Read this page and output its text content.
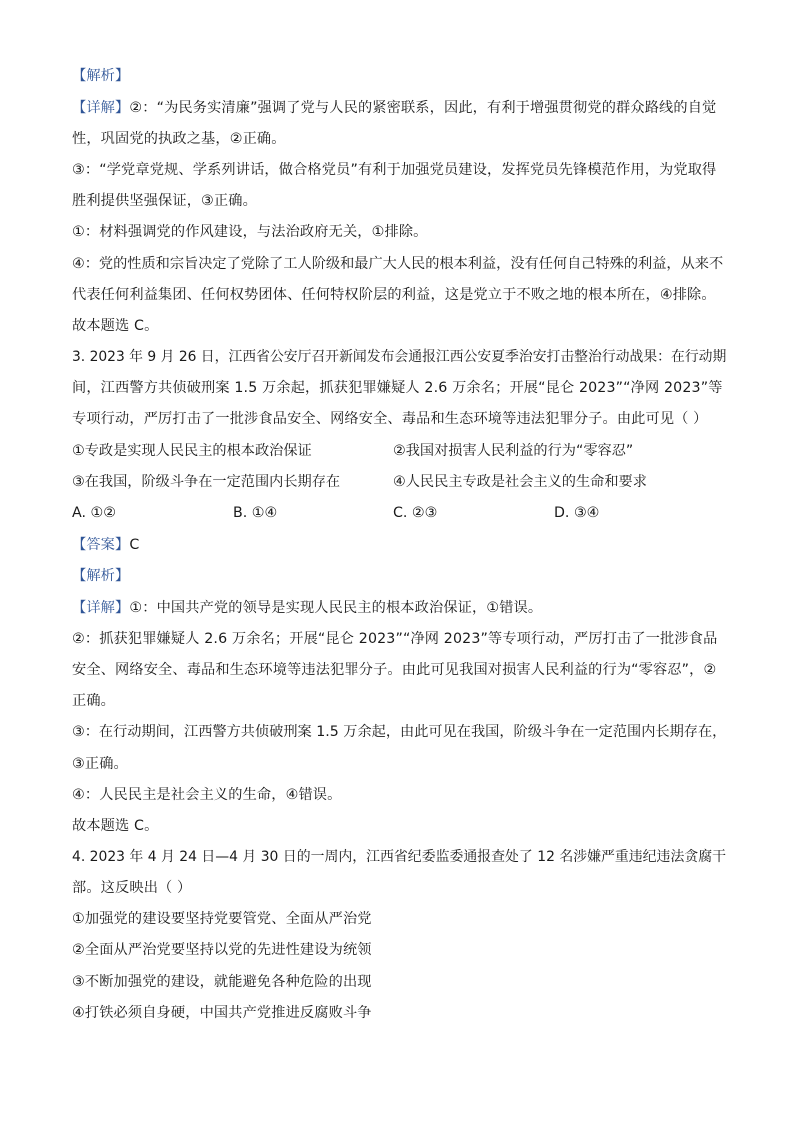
【解析】
【详解】②：“为民务实清廉”强调了党与人民的紧密联系，因此，有利于增强贯彻党的群众路线的自觉
性，巩固党的执政之基，②正确。
③：“学党章党规、学系列讲话，做合格党员”有利于加强党员建设，发挥党员先锋模范作用，为党取得
胜利提供坚强保证，③正确。
①：材料强调党的作风建设，与法治政府无关，①排除。
④：党的性质和宗旨决定了党除了工人阶级和最广大人民的根本利益，没有任何自己特殊的利益，从来不
代表任何利益集团、任何权势团体、任何特权阶层的利益，这是党立于不败之地的根本所在，④排除。
故本题选 C。
3. 2023 年 9 月 26 日，江西省公安厅召开新闻发布会通报江西公安夏季治安打击整治行动战果：在行动期
间，江西警方共侦破刑案 1.5 万余起，抓获犯罪嫌疑人 2.6 万余名；开展“昆仑 2023”“净网 2023”等
专项行动，严厉打击了一批涉食品安全、网络安全、毒品和生态环境等违法犯罪分子。由此可见（ ）
①专政是实现人民民主的根本政治保证	②我国对损害人民利益的行为“零容忍”
③在我国，阶级斗争在一定范围内长期存在	④人民民主专政是社会主义的生命和要求
A. ①②	B. ①④	C. ②③	D. ③④
【答案】C
【解析】
【详解】①：中国共产党的领导是实现人民民主的根本政治保证，①错误。
②：抓获犯罪嫌疑人 2.6 万余名；开展“昆仑 2023”“净网 2023”等专项行动，严厉打击了一批涉食品
安全、网络安全、毒品和生态环境等违法犯罪分子。由此可见我国对损害人民利益的行为“零容忍”，②
正确。
③：在行动期间，江西警方共侦破刑案 1.5 万余起，由此可见在我国，阶级斗争在一定范围内长期存在，
③正确。
④：人民民主是社会主义的生命，④错误。
故本题选 C。
4. 2023 年 4 月 24 日—4 月 30 日的一周内，江西省纪委监委通报查处了 12 名涉嫌严重违纪违法贪腐干
部。这反映出（ ）
①加强党的建设要坚持党要管党、全面从严治党
②全面从严治党要坚持以党的先进性建设为统领
③不断加强党的建设，就能避免各种危险的出现
④打铁必须自身硬，中国共产党推进反腐败斗争
